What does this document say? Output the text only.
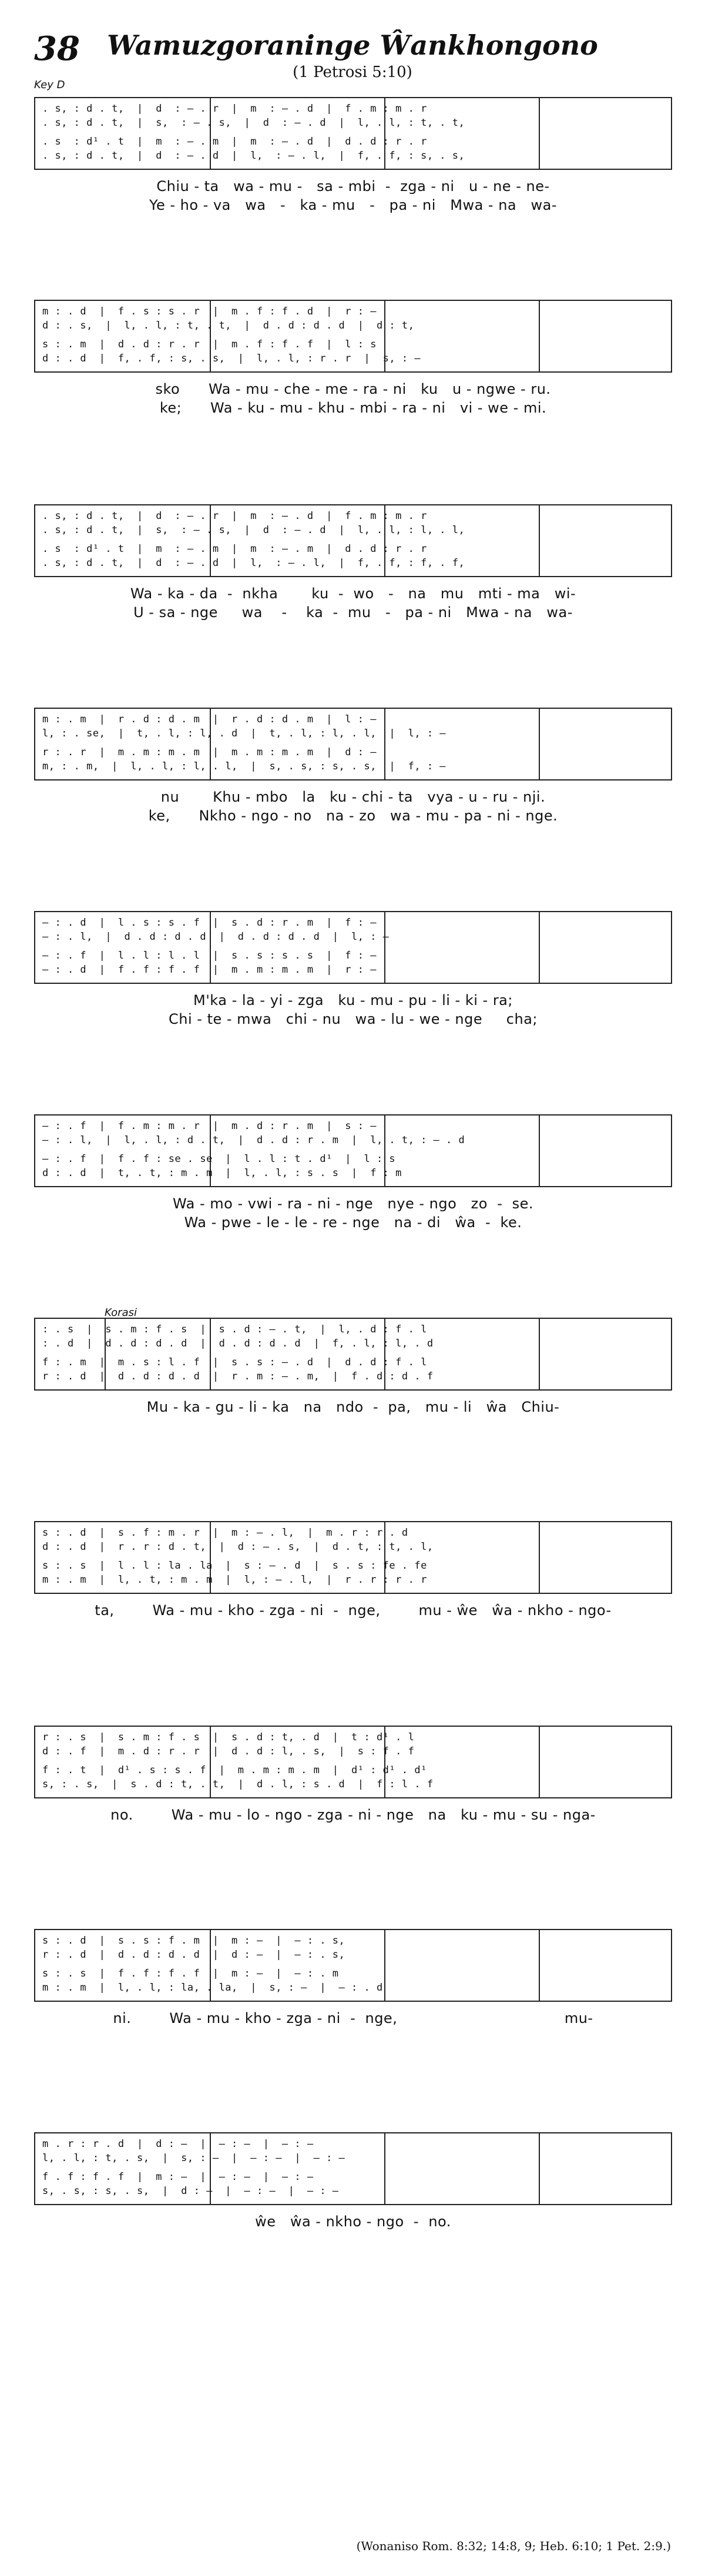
38	Wamuzgoraninge Ŵankhongono
(1 Petrosi 5:10)
Key D
Korasi
. s, : d . t,  |  d  : – . r  |  m  : – . d  |  f . m : m . r
. s, : d . t,  |  s,  : – . s,  |  d  : – . d  |  l, . l, : t, . t,
. s  : d¹ . t  |  m  : – . m  |  m  : – . d  |  d . d : r . r
. s, : d . t,  |  d  : – . d  |  l,  : – . l,  |  f, . f, : s, . s,
Chiu - ta   wa - mu -   sa - mbi  -  zga - ni   u - ne - ne-
Ye - ho - va   wa   -   ka - mu   -   pa - ni   Mwa - na   wa-
m : . d  |  f . s : s . r  |  m . f : f . d  |  r : —
d : . s,  |  l, . l, : t, . t,  |  d . d : d . d  |  d : t,
s : . m  |  d . d : r . r  |  m . f : f . f  |  l : s
d : . d  |  f, . f, : s, . s,  |  l, . l, : r . r  |  s, : —
sko      Wa - mu - che - me - ra - ni   ku   u - ngwe - ru.
ke;      Wa - ku - mu - khu - mbi - ra - ni   vi - we - mi.
. s, : d . t,  |  d  : – . r  |  m  : – . d  |  f . m : m . r
. s, : d . t,  |  s,  : – . s,  |  d  : – . d  |  l, . l, : l, . l,
. s  : d¹ . t  |  m  : – . m  |  m  : – . m  |  d . d : r . r
. s, : d . t,  |  d  : – . d  |  l,  : – . l,  |  f, . f, : f, . f,
Wa - ka - da  -  nkha       ku  -  wo   -   na   mu   mti - ma   wi-
U - sa - nge     wa    -    ka  -  mu   -   pa - ni   Mwa - na   wa-
m : . m  |  r . d : d . m  |  r . d : d . m  |  l : —
l, : . se,  |  t, . l, : l, . d  |  t, . l, : l, . l,  |  l, : —
r : . r  |  m . m : m . m  |  m . m : m . m  |  d : —
m, : . m,  |  l, . l, : l, . l,  |  s, . s, : s, . s,  |  f, : —
nu       Khu - mbo   la   ku - chi - ta   vya - u - ru - nji.
ke,      Nkho - ngo - no   na - zo   wa - mu - pa - ni - nge.
— : . d  |  l . s : s . f  |  s . d : r . m  |  f : —
— : . l,  |  d . d : d . d  |  d . d : d . d  |  l, : —
— : . f  |  l . l : l . l  |  s . s : s . s  |  f : —
— : . d  |  f . f : f . f  |  m . m : m . m  |  r : —
M'ka - la - yi - zga   ku - mu - pu - li - ki - ra;
Chi - te - mwa   chi - nu   wa - lu - we - nge     cha;
— : . f  |  f . m : m . r  |  m . d : r . m  |  s : —
— : . l,  |  l, . l, : d . t,  |  d . d : r . m  |  l, . t, : – . d
— : . f  |  f . f : se . se  |  l . l : t . d¹  |  l : s
d : . d  |  t, . t, : m . m  |  l, . l, : s . s  |  f : m
Wa - mo - vwi - ra - ni - nge   nye - ngo   zo  -  se.
Wa - pwe - le - le - re - nge   na - di   ŵa  -  ke.
: . s  |  s . m : f . s  |  s . d : – . t,  |  l, . d : f . l
: . d  |  d . d : d . d  |  d . d : d . d  |  f, . l, : l, . d
f : . m  |  m . s : l . f  |  s . s : – . d  |  d . d : f . l
r : . d  |  d . d : d . d  |  r . m : – . m,  |  f . d : d . f
Mu - ka - gu - li - ka   na   ndo  -  pa,   mu - li   ŵa   Chiu-
s : . d  |  s . f : m . r  |  m : – . l,  |  m . r : r . d
d : . d  |  r . r : d . t,  |  d : – . s,  |  d . t, : t, . l,
s : . s  |  l . l : la . la  |  s : – . d  |  s . s : fe . fe
m : . m  |  l, . t, : m . m  |  l, : – . l,  |  r . r : r . r
ta,        Wa - mu - kho - zga - ni  -  nge,        mu - ŵe   ŵa - nkho - ngo-
r : . s  |  s . m : f . s  |  s . d : t, . d  |  t : d¹ . l
d : . f  |  m . d : r . r  |  d . d : l, . s,  |  s : f . f
f : . t  |  d¹ . s : s . f  |  m . m : m . m  |  d¹ : d¹ . d¹
s, : . s,  |  s . d : t, . t,  |  d . l, : s . d  |  f : l . f
no.        Wa - mu - lo - ngo - zga - ni - nge   na   ku - mu - su - nga-
s : . d  |  s . s : f . m  |  m : —  |  — : . s,
r : . d  |  d . d : d . d  |  d : —  |  — : . s,
s : . s  |  f . f : f . f  |  m : —  |  — : . m
m : . m  |  l, . l, : la, . la,  |  s, : —  |  — : . d
ni.        Wa - mu - kho - zga - ni  -  nge,                                   mu-
m . r : r . d  |  d : —  |  — : —  |  — : —
l, . l, : t, . s,  |  s, : —  |  — : —  |  — : —
f . f : f . f  |  m : —  |  — : —  |  — : —
s, . s, : s, . s,  |  d : —  |  — : —  |  — : —
ŵe   ŵa - nkho - ngo  -  no.
(Wonaniso Rom. 8:32; 14:8, 9; Heb. 6:10; 1 Pet. 2:9.)
